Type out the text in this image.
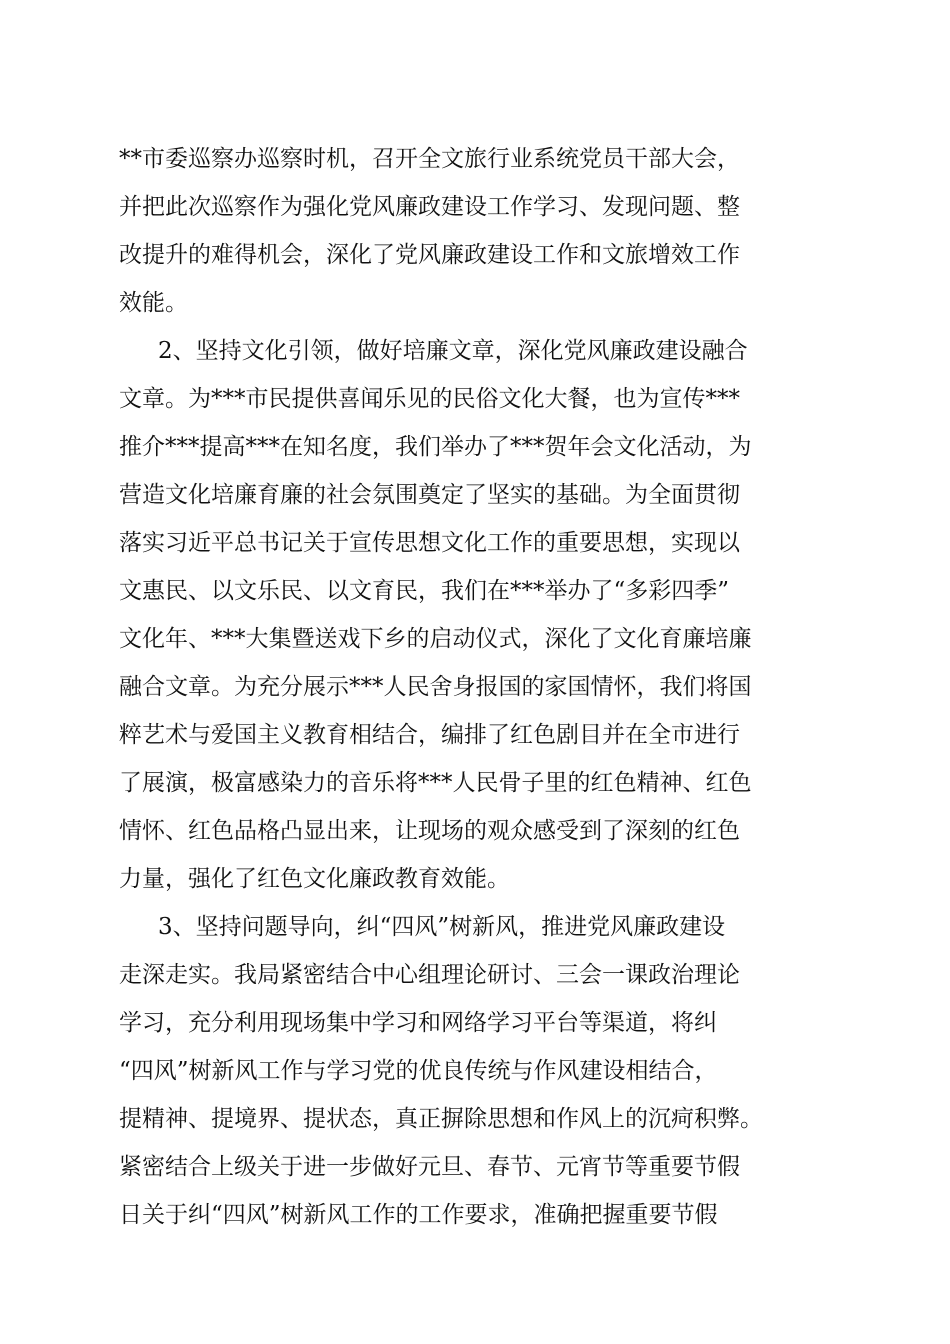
**市委巡察办巡察时机，召开全文旅行业系统党员干部大会，
并把此次巡察作为强化党风廉政建设工作学习、发现问题、整
改提升的难得机会，深化了党风廉政建设工作和文旅增效工作
效能。
2、坚持文化引领，做好培廉文章，深化党风廉政建设融合
文章。为***市民提供喜闻乐见的民俗文化大餐，也为宣传***
推介***提高***在知名度，我们举办了***贺年会文化活动，为
营造文化培廉育廉的社会氛围奠定了坚实的基础。为全面贯彻
落实习近平总书记关于宣传思想文化工作的重要思想，实现以
文惠民、以文乐民、以文育民，我们在***举办了“多彩四季”
文化年、***大集暨送戏下乡的启动仪式，深化了文化育廉培廉
融合文章。为充分展示***人民舍身报国的家国情怀，我们将国
粹艺术与爱国主义教育相结合，编排了红色剧目并在全市进行
了展演，极富感染力的音乐将***人民骨子里的红色精神、红色
情怀、红色品格凸显出来，让现场的观众感受到了深刻的红色
力量，强化了红色文化廉政教育效能。
3、坚持问题导向，纠“四风”树新风，推进党风廉政建设
走深走实。我局紧密结合中心组理论研讨、三会一课政治理论
学习，充分利用现场集中学习和网络学习平台等渠道，将纠
“四风”树新风工作与学习党的优良传统与作风建设相结合，
提精神、提境界、提状态，真正摒除思想和作风上的沉疴积弊。
紧密结合上级关于进一步做好元旦、春节、元宵节等重要节假
日关于纠“四风”树新风工作的工作要求，准确把握重要节假
